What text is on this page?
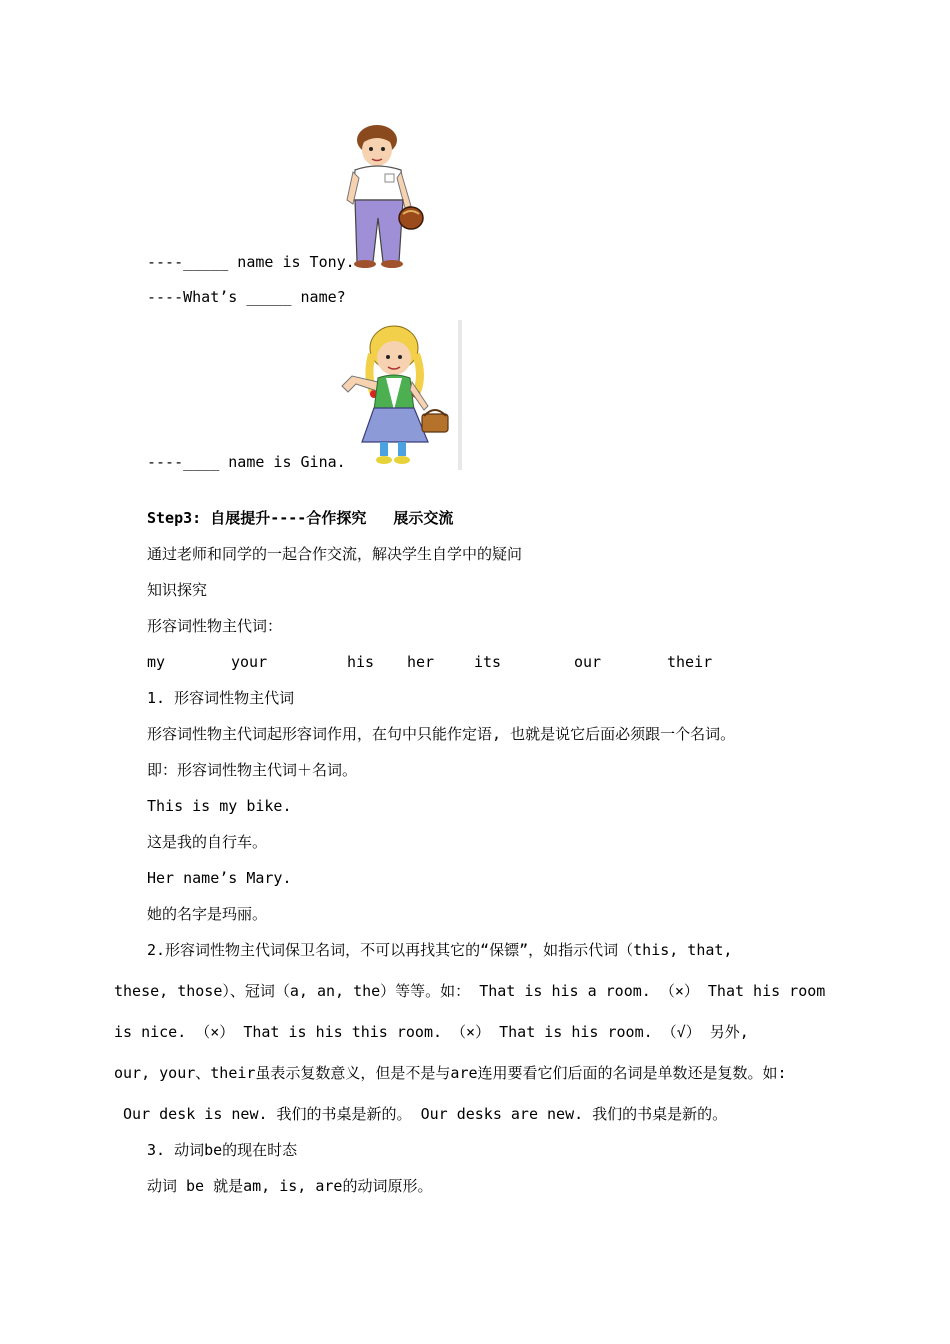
----_____ name is Tony.
----What’s _____ name?
----____ name is Gina.
Step3: 自展提升----合作探究   展示交流
通过老师和同学的一起合作交流，解决学生自学中的疑问
知识探究
形容词性物主代词：
my	your	his her	its	our	their
1. 形容词性物主代词
形容词性物主代词起形容词作用，在句中只能作定语, 也就是说它后面必须跟一个名词。
即：形容词性物主代词＋名词。
This is my bike.
这是我的自行车。
Her name’s Mary.
她的名字是玛丽。
2.形容词性物主代词保卫名词，不可以再找其它的“保镖”，如指示代词（this, that,
these, those）、冠词（a, an, the）等等。如： That is his a room. （×） That his room
is nice. （×） That is his this room. （×） That is his room. （√） 另外,
our, your、their虽表示复数意义，但是不是与are连用要看它们后面的名词是单数还是复数。如:
Our desk is new. 我们的书桌是新的。 Our desks are new. 我们的书桌是新的。
3. 动词be的现在时态
动词 be 就是am, is, are的动词原形。
